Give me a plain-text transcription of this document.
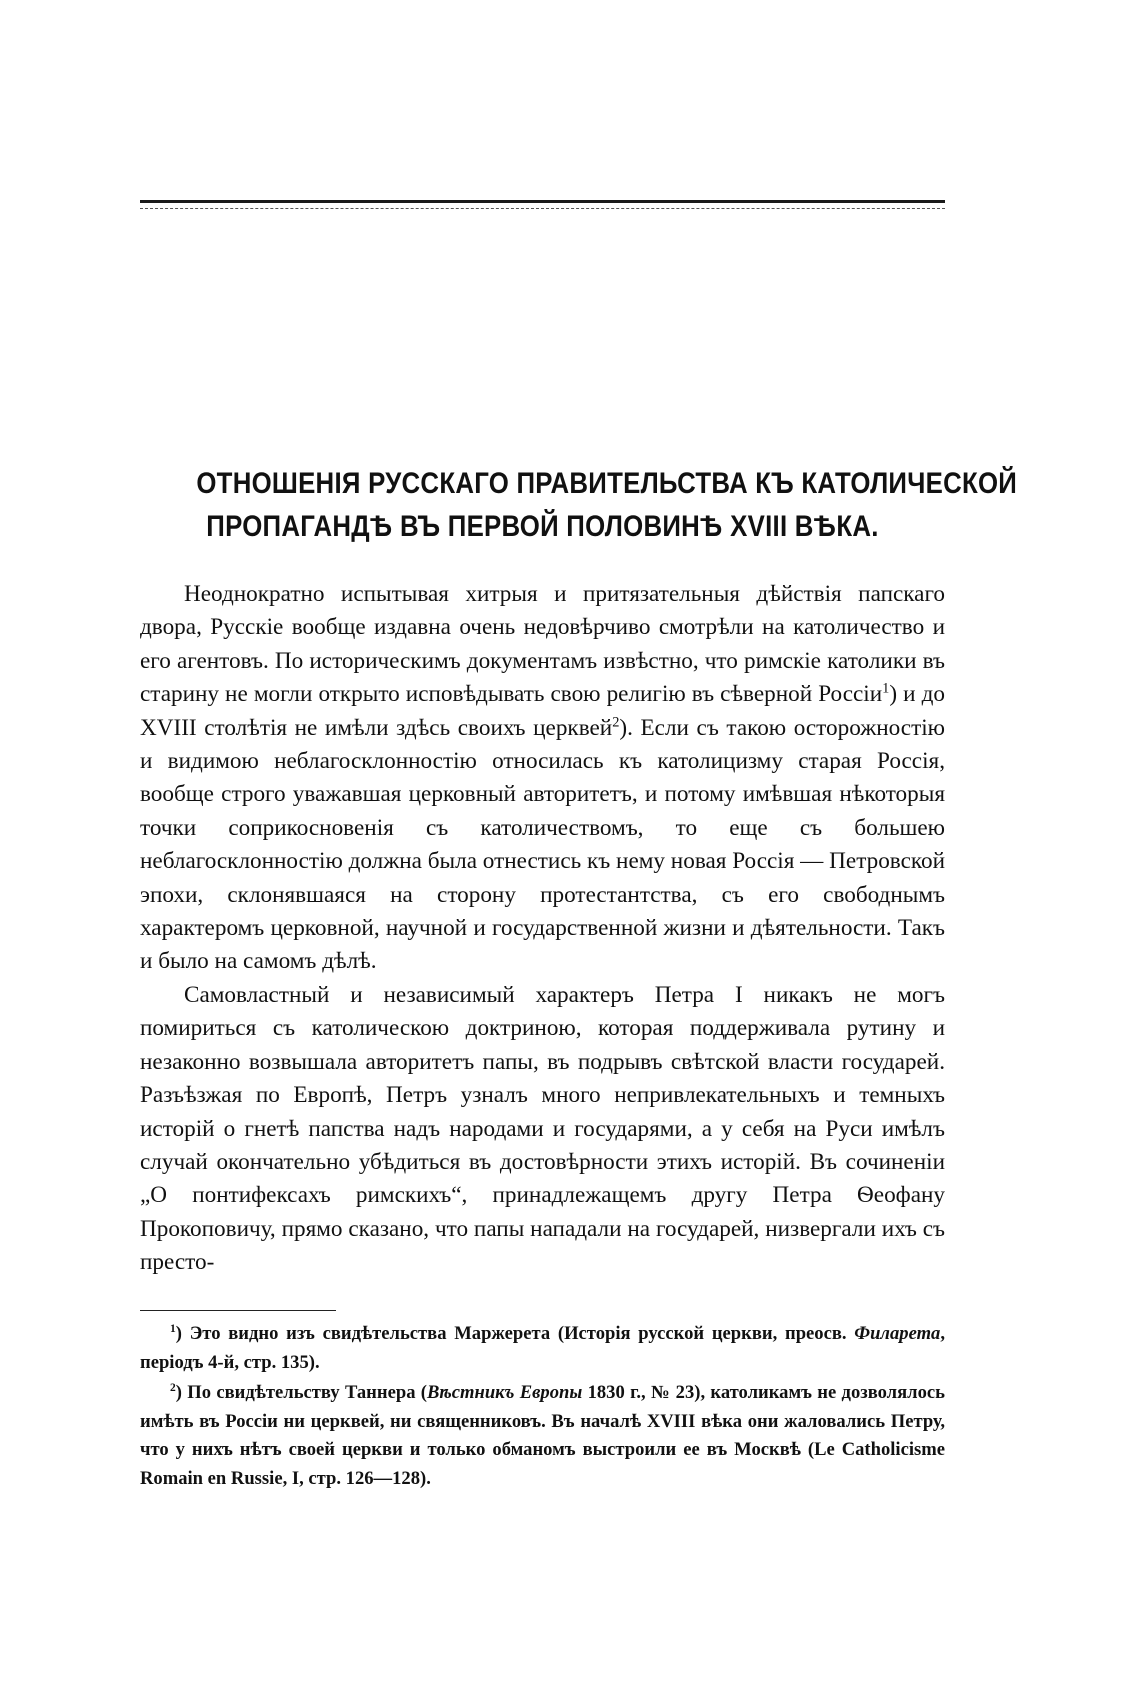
ОТНОШЕНІЯ РУССКАГО ПРАВИТЕЛЬСТВА КЪ КАТОЛИЧЕСКОЙ
ПРОПАГАНДѢ ВЪ ПЕРВОЙ ПОЛОВИНѢ XVIII ВѢКА.

Неоднократно испытывая хитрыя и притязательныя дѣйствія папскаго двора, Русскіе вообще издавна очень недовѣрчиво смотрѣли на католичество и его агентовъ. По историческимъ документамъ извѣстно, что римскіе католики въ старину не могли открыто исповѣдывать свою религію въ сѣверной Россіи$^1$) и до XVIII столѣтія не имѣли здѣсь своихъ церквей$^2$). Если съ такою осторожностію и видимою неблагосклонностію относилась къ католицизму старая Россія, вообще строго уважавшая церковный авторитетъ, и потому имѣвшая нѣкоторыя точки соприкосновенія съ католичествомъ, то еще съ большею неблагосклонностію должна была отнестись къ нему новая Россія — Петровской эпохи, склонявшаяся на сторону протестантства, съ его свободнымъ характеромъ церковной, научной и государственной жизни и дѣятельности. Такъ и было на самомъ дѣлѣ.

Самовластный и независимый характеръ Петра I никакъ не могъ помириться съ католическою доктриною, которая поддерживала рутину и незаконно возвышала авторитетъ папы, въ подрывъ свѣтской власти государей. Разъѣзжая по Европѣ, Петръ узналъ много непривлекательныхъ и темныхъ исторій о гнетѣ папства надъ народами и государями, а у себя на Руси имѣлъ случай окончательно убѣдиться въ достовѣрности этихъ исторій. Въ сочиненіи „О понтифексахъ римскихъ“, принадлежащемъ другу Петра Ѳеофану Прокоповичу, прямо сказано, что папы нападали на государей, низвергали ихъ съ престо-

$^1$) Это видно изъ свидѣтельства Маржерета (Исторія русской церкви, преосв. Филарета, періодъ 4-й, стр. 135).

$^2$) По свидѣтельству Таннера (Вѣстникъ Европы 1830 г., № 23), католикамъ не дозволялось имѣть въ Россіи ни церквей, ни священниковъ. Въ началѣ XVIII вѣка они жаловались Петру, что у нихъ нѣтъ своей церкви и только обманомъ выстроили ее въ Москвѣ (Le Catholicisme Romain en Russie, I, стр. 126—128).
